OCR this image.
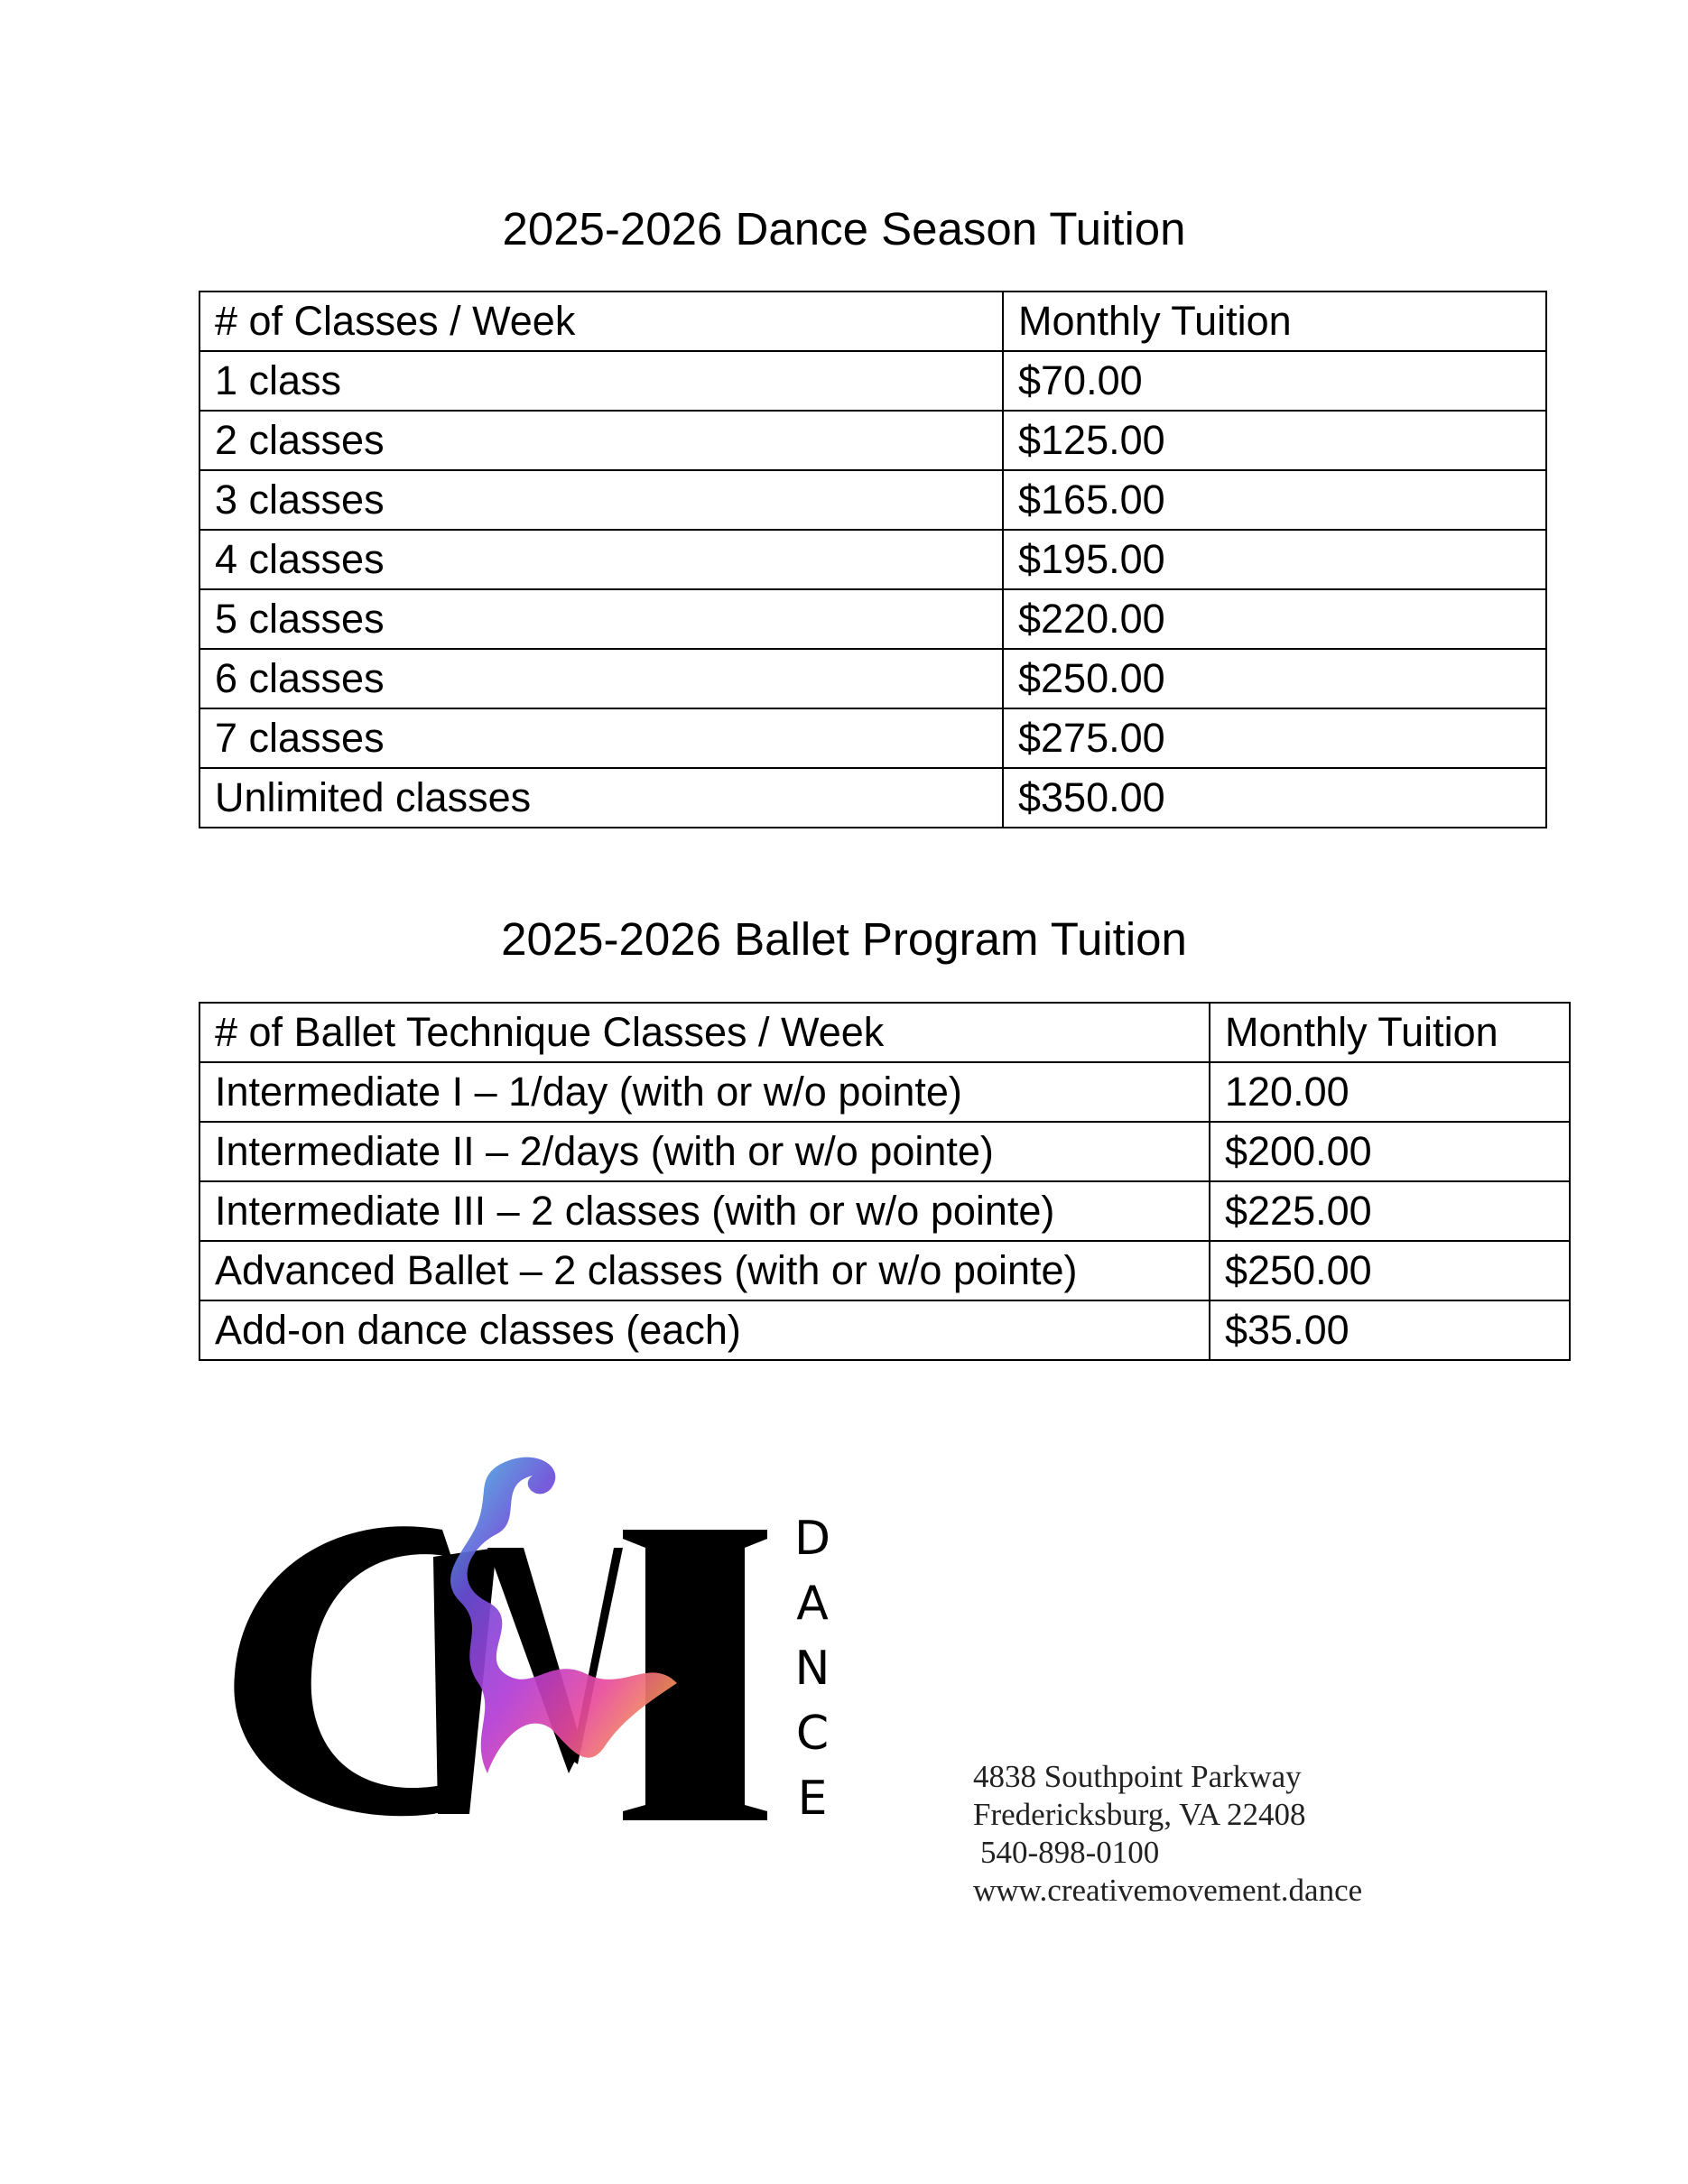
2025-2026 Dance Season Tuition
# of Classes / Week	Monthly Tuition
1 class	$70.00
2 classes	$125.00
3 classes	$165.00
4 classes	$195.00
5 classes	$220.00
6 classes	$250.00
7 classes	$275.00
Unlimited classes	$350.00
2025-2026 Ballet Program Tuition
# of Ballet Technique Classes / Week	Monthly Tuition
Intermediate I – 1/day (with or w/o pointe)	120.00
Intermediate II – 2/days (with or w/o pointe)	$200.00
Intermediate III – 2 classes (with or w/o pointe)	$225.00
Advanced Ballet – 2 classes (with or w/o pointe)	$250.00
Add-on dance classes (each)	$35.00
D
A
N
C
E	4838 Southpoint Parkway
Fredericksburg, VA 22408
540-898-0100
www.creativemovement.dance
